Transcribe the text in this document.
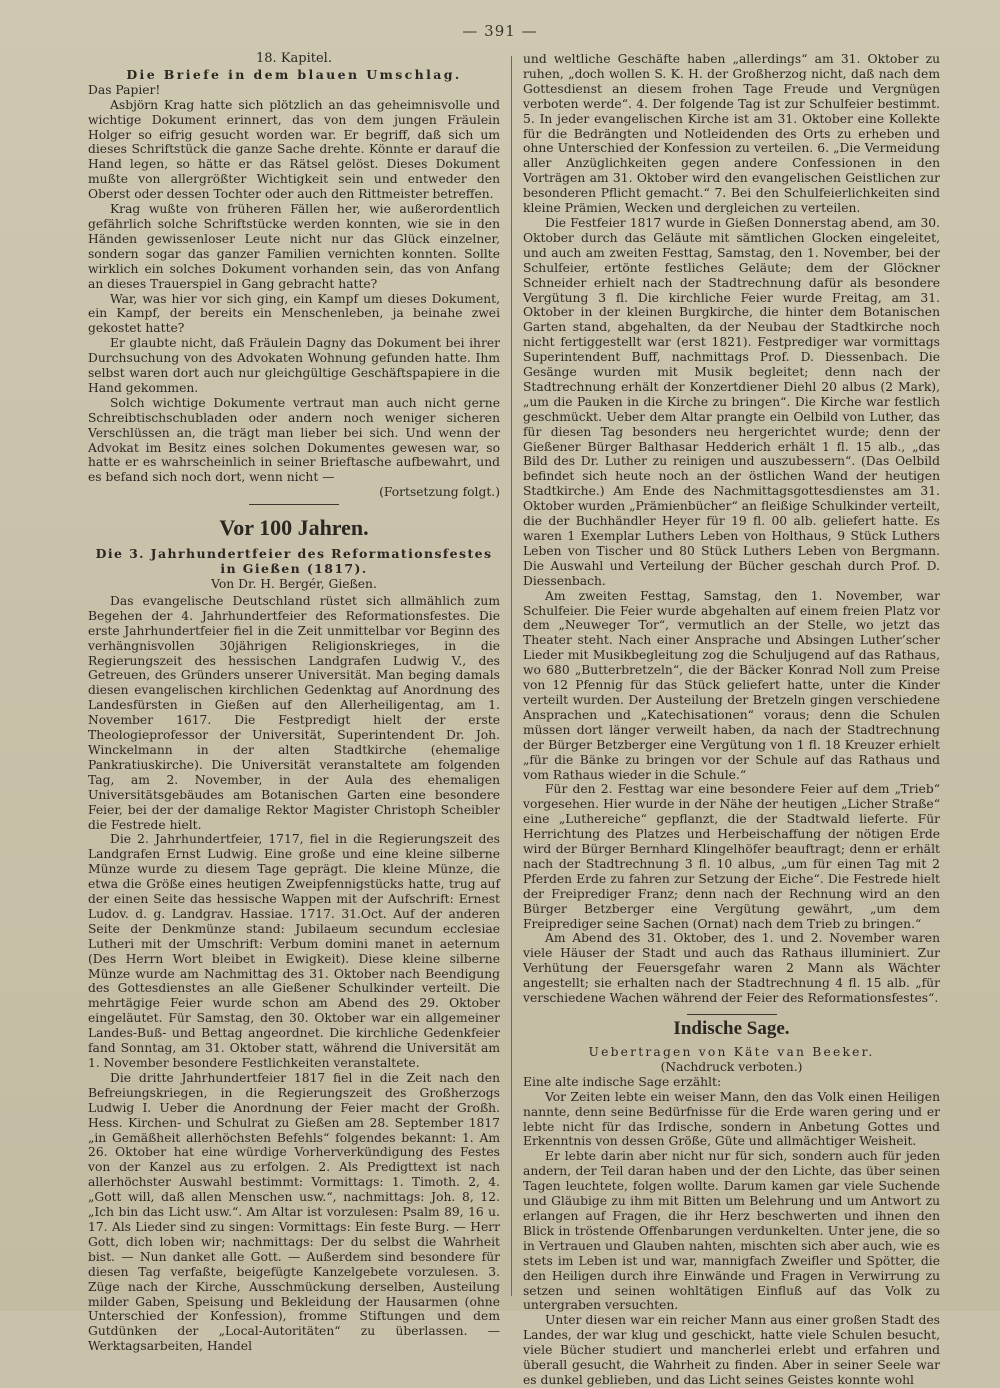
— 391 —

18. Kapitel.

Die Briefe in dem blauen Umschlag.

Das Papier!

Asbjörn Krag hatte sich plötzlich an das geheimnisvolle und wichtige Dokument erinnert, das von dem jungen Fräulein Holger so eifrig gesucht worden war. Er begriff, daß sich um dieses Schriftstück die ganze Sache drehte. Könnte er darauf die Hand legen, so hätte er das Rätsel gelöst. Dieses Dokument mußte von allergrößter Wichtigkeit sein und entweder den Oberst oder dessen Tochter oder auch den Rittmeister betreffen.

Krag wußte von früheren Fällen her, wie außerordentlich gefährlich solche Schriftstücke werden konnten, wie sie in den Händen gewissenloser Leute nicht nur das Glück einzelner, sondern sogar das ganzer Familien vernichten konnten. Sollte wirklich ein solches Dokument vorhanden sein, das von Anfang an dieses Trauerspiel in Gang gebracht hatte?

War, was hier vor sich ging, ein Kampf um dieses Dokument, ein Kampf, der bereits ein Menschenleben, ja beinahe zwei gekostet hatte?

Er glaubte nicht, daß Fräulein Dagny das Dokument bei ihrer Durchsuchung von des Advokaten Wohnung gefunden hatte. Ihm selbst waren dort auch nur gleichgültige Geschäftspapiere in die Hand gekommen.

Solch wichtige Dokumente vertraut man auch nicht gerne Schreibtischschubladen oder andern noch weniger sicheren Verschlüssen an, die trägt man lieber bei sich. Und wenn der Advokat im Besitz eines solchen Dokumentes gewesen war, so hatte er es wahrscheinlich in seiner Brieftasche aufbewahrt, und es befand sich noch dort, wenn nicht —

(Fortsetzung folgt.)

Vor 100 Jahren.

Die 3. Jahrhundertfeier des Reformationsfestes in Gießen (1817).

Von Dr. H. Bergér, Gießen.

Das evangelische Deutschland rüstet sich allmählich zum Begehen der 4. Jahrhundertfeier des Reformationsfestes. Die erste Jahrhundertfeier fiel in die Zeit unmittelbar vor Beginn des verhängnisvollen 30jährigen Religionskrieges, in die Regierungszeit des hessischen Landgrafen Ludwig V., des Getreuen, des Gründers unserer Universität. Man beging damals diesen evangelischen kirchlichen Gedenktag auf Anordnung des Landesfürsten in Gießen auf den Allerheiligentag, am 1. November 1617. Die Festpredigt hielt der erste Theologieprofessor der Universität, Superintendent Dr. Joh. Winckelmann in der alten Stadtkirche (ehemalige Pankratiuskirche). Die Universität veranstaltete am folgenden Tag, am 2. November, in der Aula des ehemaligen Universitätsgebäudes am Botanischen Garten eine besondere Feier, bei der der damalige Rektor Magister Christoph Scheibler die Festrede hielt.

Die 2. Jahrhundertfeier, 1717, fiel in die Regierungszeit des Landgrafen Ernst Ludwig. Eine große und eine kleine silberne Münze wurde zu diesem Tage geprägt. Die kleine Münze, die etwa die Größe eines heutigen Zweipfennigstücks hatte, trug auf der einen Seite das hessische Wappen mit der Aufschrift: Ernest Ludov. d. g. Landgrav. Hassiae. 1717. 31.Oct. Auf der anderen Seite der Denkmünze stand: Jubilaeum secundum ecclesiae Lutheri mit der Umschrift: Verbum domini manet in aeternum (Des Herrn Wort bleibet in Ewigkeit). Diese kleine silberne Münze wurde am Nachmittag des 31. Oktober nach Beendigung des Gottesdienstes an alle Gießener Schulkinder verteilt. Die mehrtägige Feier wurde schon am Abend des 29. Oktober eingeläutet. Für Samstag, den 30. Oktober war ein allgemeiner Landes-Buß- und Bettag angeordnet. Die kirchliche Gedenkfeier fand Sonntag, am 31. Oktober statt, während die Universität am 1. November besondere Festlichkeiten veranstaltete.

Die dritte Jahrhundertfeier 1817 fiel in die Zeit nach den Befreiungskriegen, in die Regierungszeit des Großherzogs Ludwig I. Ueber die Anordnung der Feier macht der Großh. Hess. Kirchen- und Schulrat zu Gießen am 28. September 1817 „in Gemäßheit allerhöchsten Befehls“ folgendes bekannt: 1. Am 26. Oktober hat eine würdige Vorherverkündigung des Festes von der Kanzel aus zu erfolgen. 2. Als Predigttext ist nach allerhöchster Auswahl bestimmt: Vormittags: 1. Timoth. 2, 4. „Gott will, daß allen Menschen usw.“, nachmittags: Joh. 8, 12. „Ich bin das Licht usw.“. Am Altar ist vorzulesen: Psalm 89, 16 u. 17. Als Lieder sind zu singen: Vormittags: Ein feste Burg. — Herr Gott, dich loben wir; nachmittags: Der du selbst die Wahrheit bist. — Nun danket alle Gott. — Außerdem sind besondere für diesen Tag verfaßte, beigefügte Kanzelgebete vorzulesen. 3. Züge nach der Kirche, Ausschmückung derselben, Austeilung milder Gaben, Speisung und Bekleidung der Hausarmen (ohne Unterschied der Konfession), fromme Stiftungen und dem Gutdünken der „Local-Autoritäten“ zu überlassen. — Werktagsarbeiten, Handel

und weltliche Geschäfte haben „allerdings“ am 31. Oktober zu ruhen, „doch wollen S. K. H. der Großherzog nicht, daß nach dem Gottesdienst an diesem frohen Tage Freude und Vergnügen verboten werde“. 4. Der folgende Tag ist zur Schulfeier bestimmt. 5. In jeder evangelischen Kirche ist am 31. Oktober eine Kollekte für die Bedrängten und Notleidenden des Orts zu erheben und ohne Unterschied der Konfession zu verteilen. 6. „Die Vermeidung aller Anzüglichkeiten gegen andere Confessionen in den Vorträgen am 31. Oktober wird den evangelischen Geistlichen zur besonderen Pflicht gemacht.“ 7. Bei den Schulfeierlichkeiten sind kleine Prämien, Wecken und dergleichen zu verteilen.

Die Festfeier 1817 wurde in Gießen Donnerstag abend, am 30. Oktober durch das Geläute mit sämtlichen Glocken eingeleitet, und auch am zweiten Festtag, Samstag, den 1. November, bei der Schulfeier, ertönte festliches Geläute; dem der Glöckner Schneider erhielt nach der Stadtrechnung dafür als besondere Vergütung 3 fl. Die kirchliche Feier wurde Freitag, am 31. Oktober in der kleinen Burgkirche, die hinter dem Botanischen Garten stand, abgehalten, da der Neubau der Stadtkirche noch nicht fertiggestellt war (erst 1821). Festprediger war vormittags Superintendent Buff, nachmittags Prof. D. Diessenbach. Die Gesänge wurden mit Musik begleitet; denn nach der Stadtrechnung erhält der Konzertdiener Diehl 20 albus (2 Mark), „um die Pauken in die Kirche zu bringen“. Die Kirche war festlich geschmückt. Ueber dem Altar prangte ein Oelbild von Luther, das für diesen Tag besonders neu hergerichtet wurde; denn der Gießener Bürger Balthasar Hedderich erhält 1 fl. 15 alb., „das Bild des Dr. Luther zu reinigen und auszubessern“. (Das Oelbild befindet sich heute noch an der östlichen Wand der heutigen Stadtkirche.) Am Ende des Nachmittagsgottesdienstes am 31. Oktober wurden „Prämienbücher“ an fleißige Schulkinder verteilt, die der Buchhändler Heyer für 19 fl. 00 alb. geliefert hatte. Es waren 1 Exemplar Luthers Leben von Holthaus, 9 Stück Luthers Leben von Tischer und 80 Stück Luthers Leben von Bergmann. Die Auswahl und Verteilung der Bücher geschah durch Prof. D. Diessenbach.

Am zweiten Festtag, Samstag, den 1. November, war Schulfeier. Die Feier wurde abgehalten auf einem freien Platz vor dem „Neuweger Tor“, vermutlich an der Stelle, wo jetzt das Theater steht. Nach einer Ansprache und Absingen Luther’scher Lieder mit Musikbegleitung zog die Schuljugend auf das Rathaus, wo 680 „Butterbretzeln“, die der Bäcker Konrad Noll zum Preise von 12 Pfennig für das Stück geliefert hatte, unter die Kinder verteilt wurden. Der Austeilung der Bretzeln gingen verschiedene Ansprachen und „Katechisationen“ voraus; denn die Schulen müssen dort länger verweilt haben, da nach der Stadtrechnung der Bürger Betzberger eine Vergütung von 1 fl. 18 Kreuzer erhielt „für die Bänke zu bringen vor der Schule auf das Rathaus und vom Rathaus wieder in die Schule.“

Für den 2. Festtag war eine besondere Feier auf dem „Trieb“ vorgesehen. Hier wurde in der Nähe der heutigen „Licher Straße“ eine „Luthereiche“ gepflanzt, die der Stadtwald lieferte. Für Herrichtung des Platzes und Herbeischaffung der nötigen Erde wird der Bürger Bernhard Klingelhöfer beauftragt; denn er erhält nach der Stadtrechnung 3 fl. 10 albus, „um für einen Tag mit 2 Pferden Erde zu fahren zur Setzung der Eiche“. Die Festrede hielt der Freiprediger Franz; denn nach der Rechnung wird an den Bürger Betzberger eine Vergütung gewährt, „um dem Freiprediger seine Sachen (Ornat) nach dem Trieb zu bringen.“

Am Abend des 31. Oktober, des 1. und 2. November waren viele Häuser der Stadt und auch das Rathaus illuminiert. Zur Verhütung der Feuersgefahr waren 2 Mann als Wächter angestellt; sie erhalten nach der Stadtrechnung 4 fl. 15 alb. „für verschiedene Wachen während der Feier des Reformationsfestes“.

Indische Sage.

Uebertragen von Käte van Beeker.

(Nachdruck verboten.)

Eine alte indische Sage erzählt:

Vor Zeiten lebte ein weiser Mann, den das Volk einen Heiligen nannte, denn seine Bedürfnisse für die Erde waren gering und er lebte nicht für das Irdische, sondern in Anbetung Gottes und Erkenntnis von dessen Größe, Güte und allmächtiger Weisheit.

Er lebte darin aber nicht nur für sich, sondern auch für jeden andern, der Teil daran haben und der den Lichte, das über seinen Tagen leuchtete, folgen wollte. Darum kamen gar viele Suchende und Gläubige zu ihm mit Bitten um Belehrung und um Antwort zu erlangen auf Fragen, die ihr Herz beschwerten und ihnen den Blick in tröstende Offenbarungen verdunkelten. Unter jene, die so in Vertrauen und Glauben nahten, mischten sich aber auch, wie es stets im Leben ist und war, mannigfach Zweifler und Spötter, die den Heiligen durch ihre Einwände und Fragen in Verwirrung zu setzen und seinen wohltätigen Einfluß auf das Volk zu untergraben versuchten.

Unter diesen war ein reicher Mann aus einer großen Stadt des Landes, der war klug und geschickt, hatte viele Schulen besucht, viele Bücher studiert und mancherlei erlebt und erfahren und überall gesucht, die Wahrheit zu finden. Aber in seiner Seele war es dunkel geblieben, und das Licht seines Geistes konnte wohl
